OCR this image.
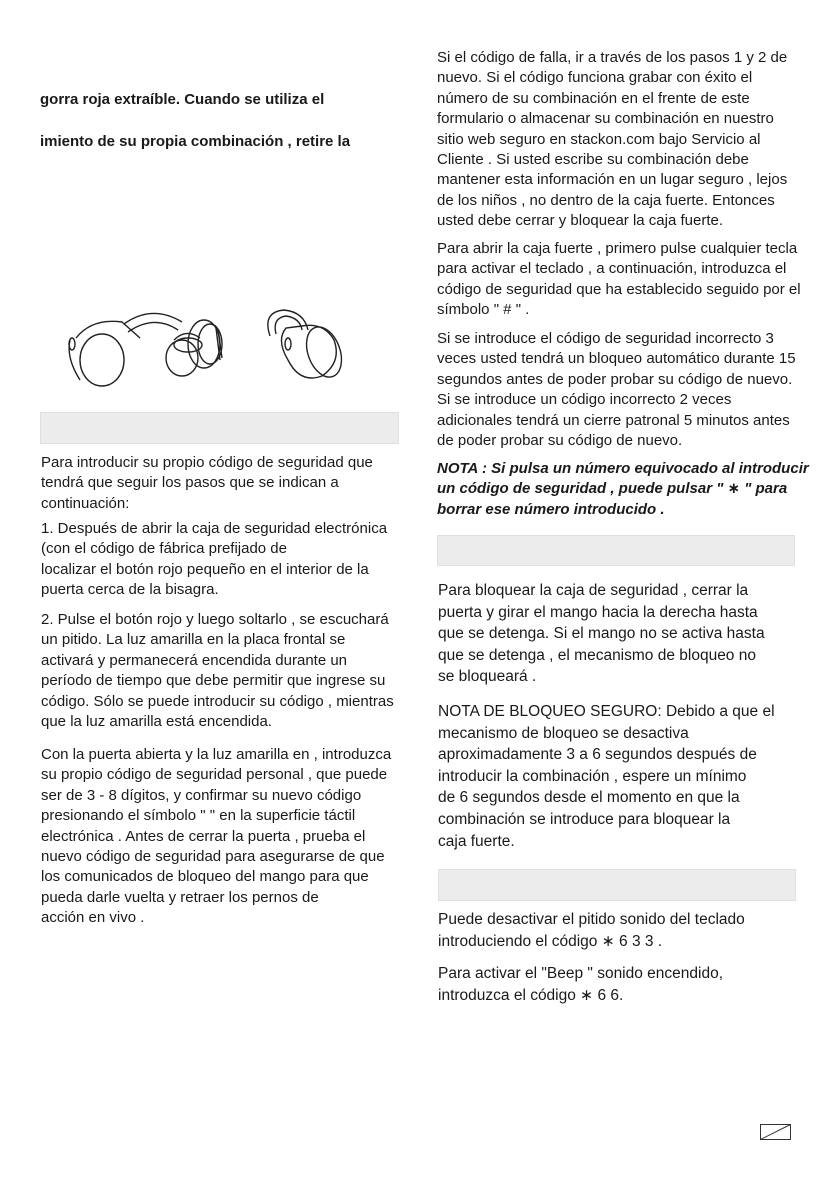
gorra roja extraíble. Cuando se utiliza el
imiento de su propia combinación , retire la
Para introducir su propio código de seguridad que
tendrá que seguir los pasos que se indican a
continuación:
1. Después de abrir la caja de seguridad electrónica
(con el código de fábrica prefijado de
localizar el botón rojo pequeño en el interior de la
puerta cerca de la bisagra.
2. Pulse el botón rojo y luego soltarlo , se escuchará
un pitido. La luz amarilla en la placa frontal se
activará y permanecerá encendida durante un
período de tiempo que debe permitir que ingrese su
código. Sólo se puede introducir su código , mientras
que la luz amarilla está encendida.
Con la puerta abierta y la luz amarilla en , introduzca
su propio código de seguridad personal , que puede
ser de 3 - 8 dígitos, y confirmar su nuevo código
presionando el símbolo " " en la superficie táctil
electrónica . Antes de cerrar la puerta , prueba el
nuevo código de seguridad para asegurarse de que
los comunicados de bloqueo del mango para que
pueda darle vuelta y retraer los pernos de
acción en vivo .
Si el código de falla, ir a través de los pasos 1 y 2 de
nuevo. Si el código funciona grabar con éxito el
número de su combinación en el frente de este
formulario o almacenar su combinación en nuestro
sitio web seguro en stackon.com bajo Servicio al
Cliente . Si usted escribe su combinación debe
mantener esta información en un lugar seguro , lejos
de los niños , no dentro de la caja fuerte. Entonces
usted debe cerrar y bloquear la caja fuerte.
Para abrir la caja fuerte , primero pulse cualquier tecla
para activar el teclado , a continuación, introduzca el
código de seguridad que ha establecido seguido por el
símbolo " # " .
Si se introduce el código de seguridad incorrecto 3
veces usted tendrá un bloqueo automático durante 15
segundos antes de poder probar su código de nuevo.
Si se introduce un código incorrecto 2 veces
adicionales tendrá un cierre patronal 5 minutos antes
de poder probar su código de nuevo.
NOTA : Si pulsa un número equivocado al introducir
un código de seguridad , puede pulsar " ∗ " para
borrar ese número introducido .
Para bloquear la caja de seguridad , cerrar la
puerta y girar el mango hacia la derecha hasta
que se detenga. Si el mango no se activa hasta
que se detenga , el mecanismo de bloqueo no
se bloqueará .
NOTA DE BLOQUEO SEGURO: Debido a que el
mecanismo de bloqueo se desactiva
aproximadamente 3 a 6 segundos después de
introducir la combinación , espere un mínimo
de 6 segundos desde el momento en que la
combinación se introduce para bloquear la
caja fuerte.
Puede desactivar el pitido sonido del teclado
introduciendo el código ∗ 6 3 3 .
Para activar el "Beep " sonido encendido,
introduzca el código ∗ 6 6.
